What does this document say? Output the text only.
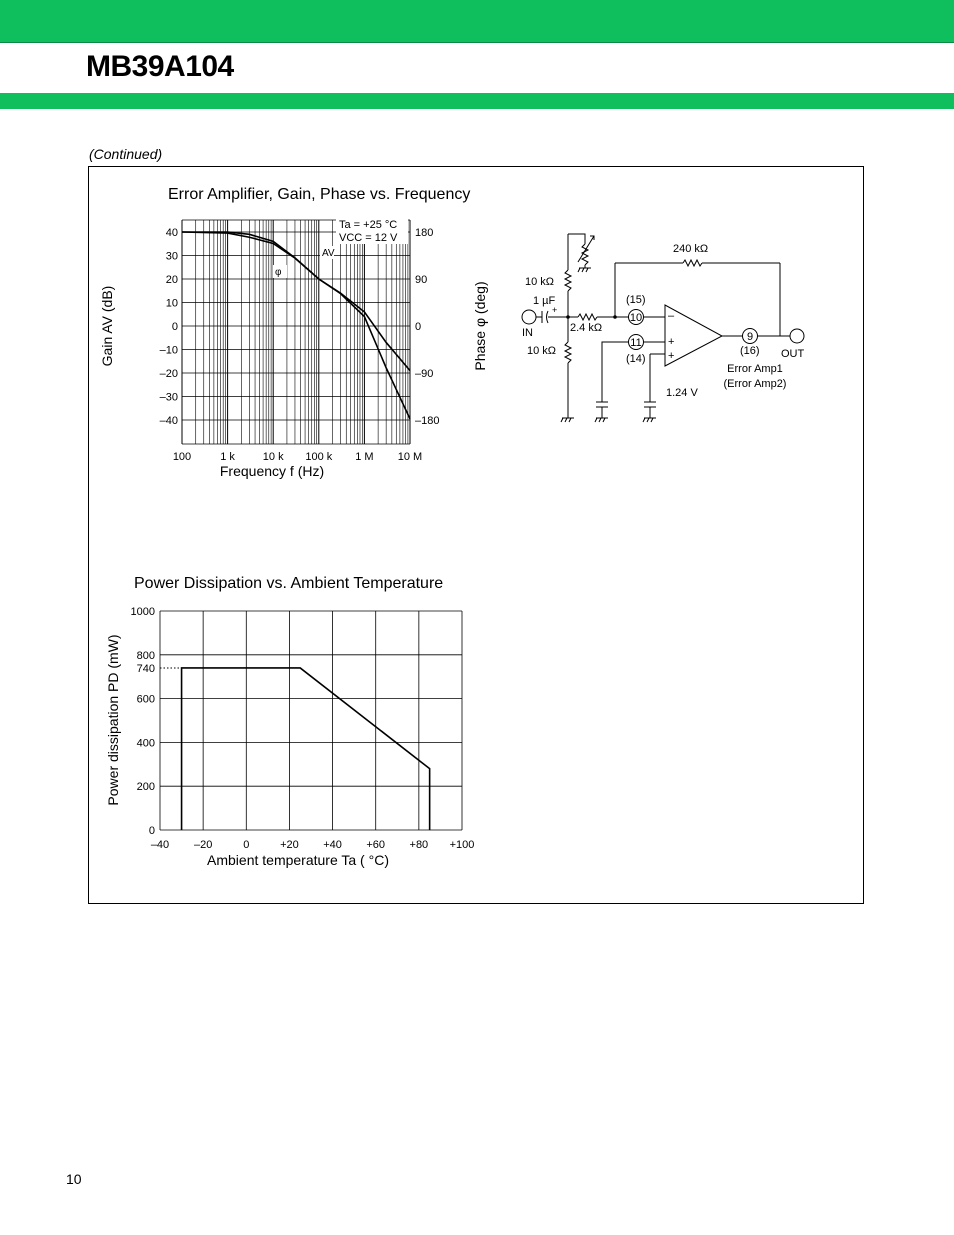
MB39A104
(Continued)
Error Amplifier, Gain, Phase vs. Frequency
40
30
20
10
0
–10
–20
–30
–40
180
90
0
–90
–180
100	1 k	10 k 100 k 1 M 10 M
Frequency f (Hz)
Gain AV (dB)	Phase φ (deg)
Ta = +25 °C
VCC = 12 V
AV
φ
240 kΩ
10 kΩ
1 µF
+
2.4 kΩ
10 kΩ
IN
OUT
(15)
10
11
(14)
9
(16)
–
+
+
1.24 V
Error Amp1
(Error Amp2)
Power Dissipation vs. Ambient Temperature
1000
800
740
600
400
200
0
–40 –20	0	+20 +40 +60 +80 +100
Ambient temperature Ta ( °C)
Power dissipation PD (mW)
10
